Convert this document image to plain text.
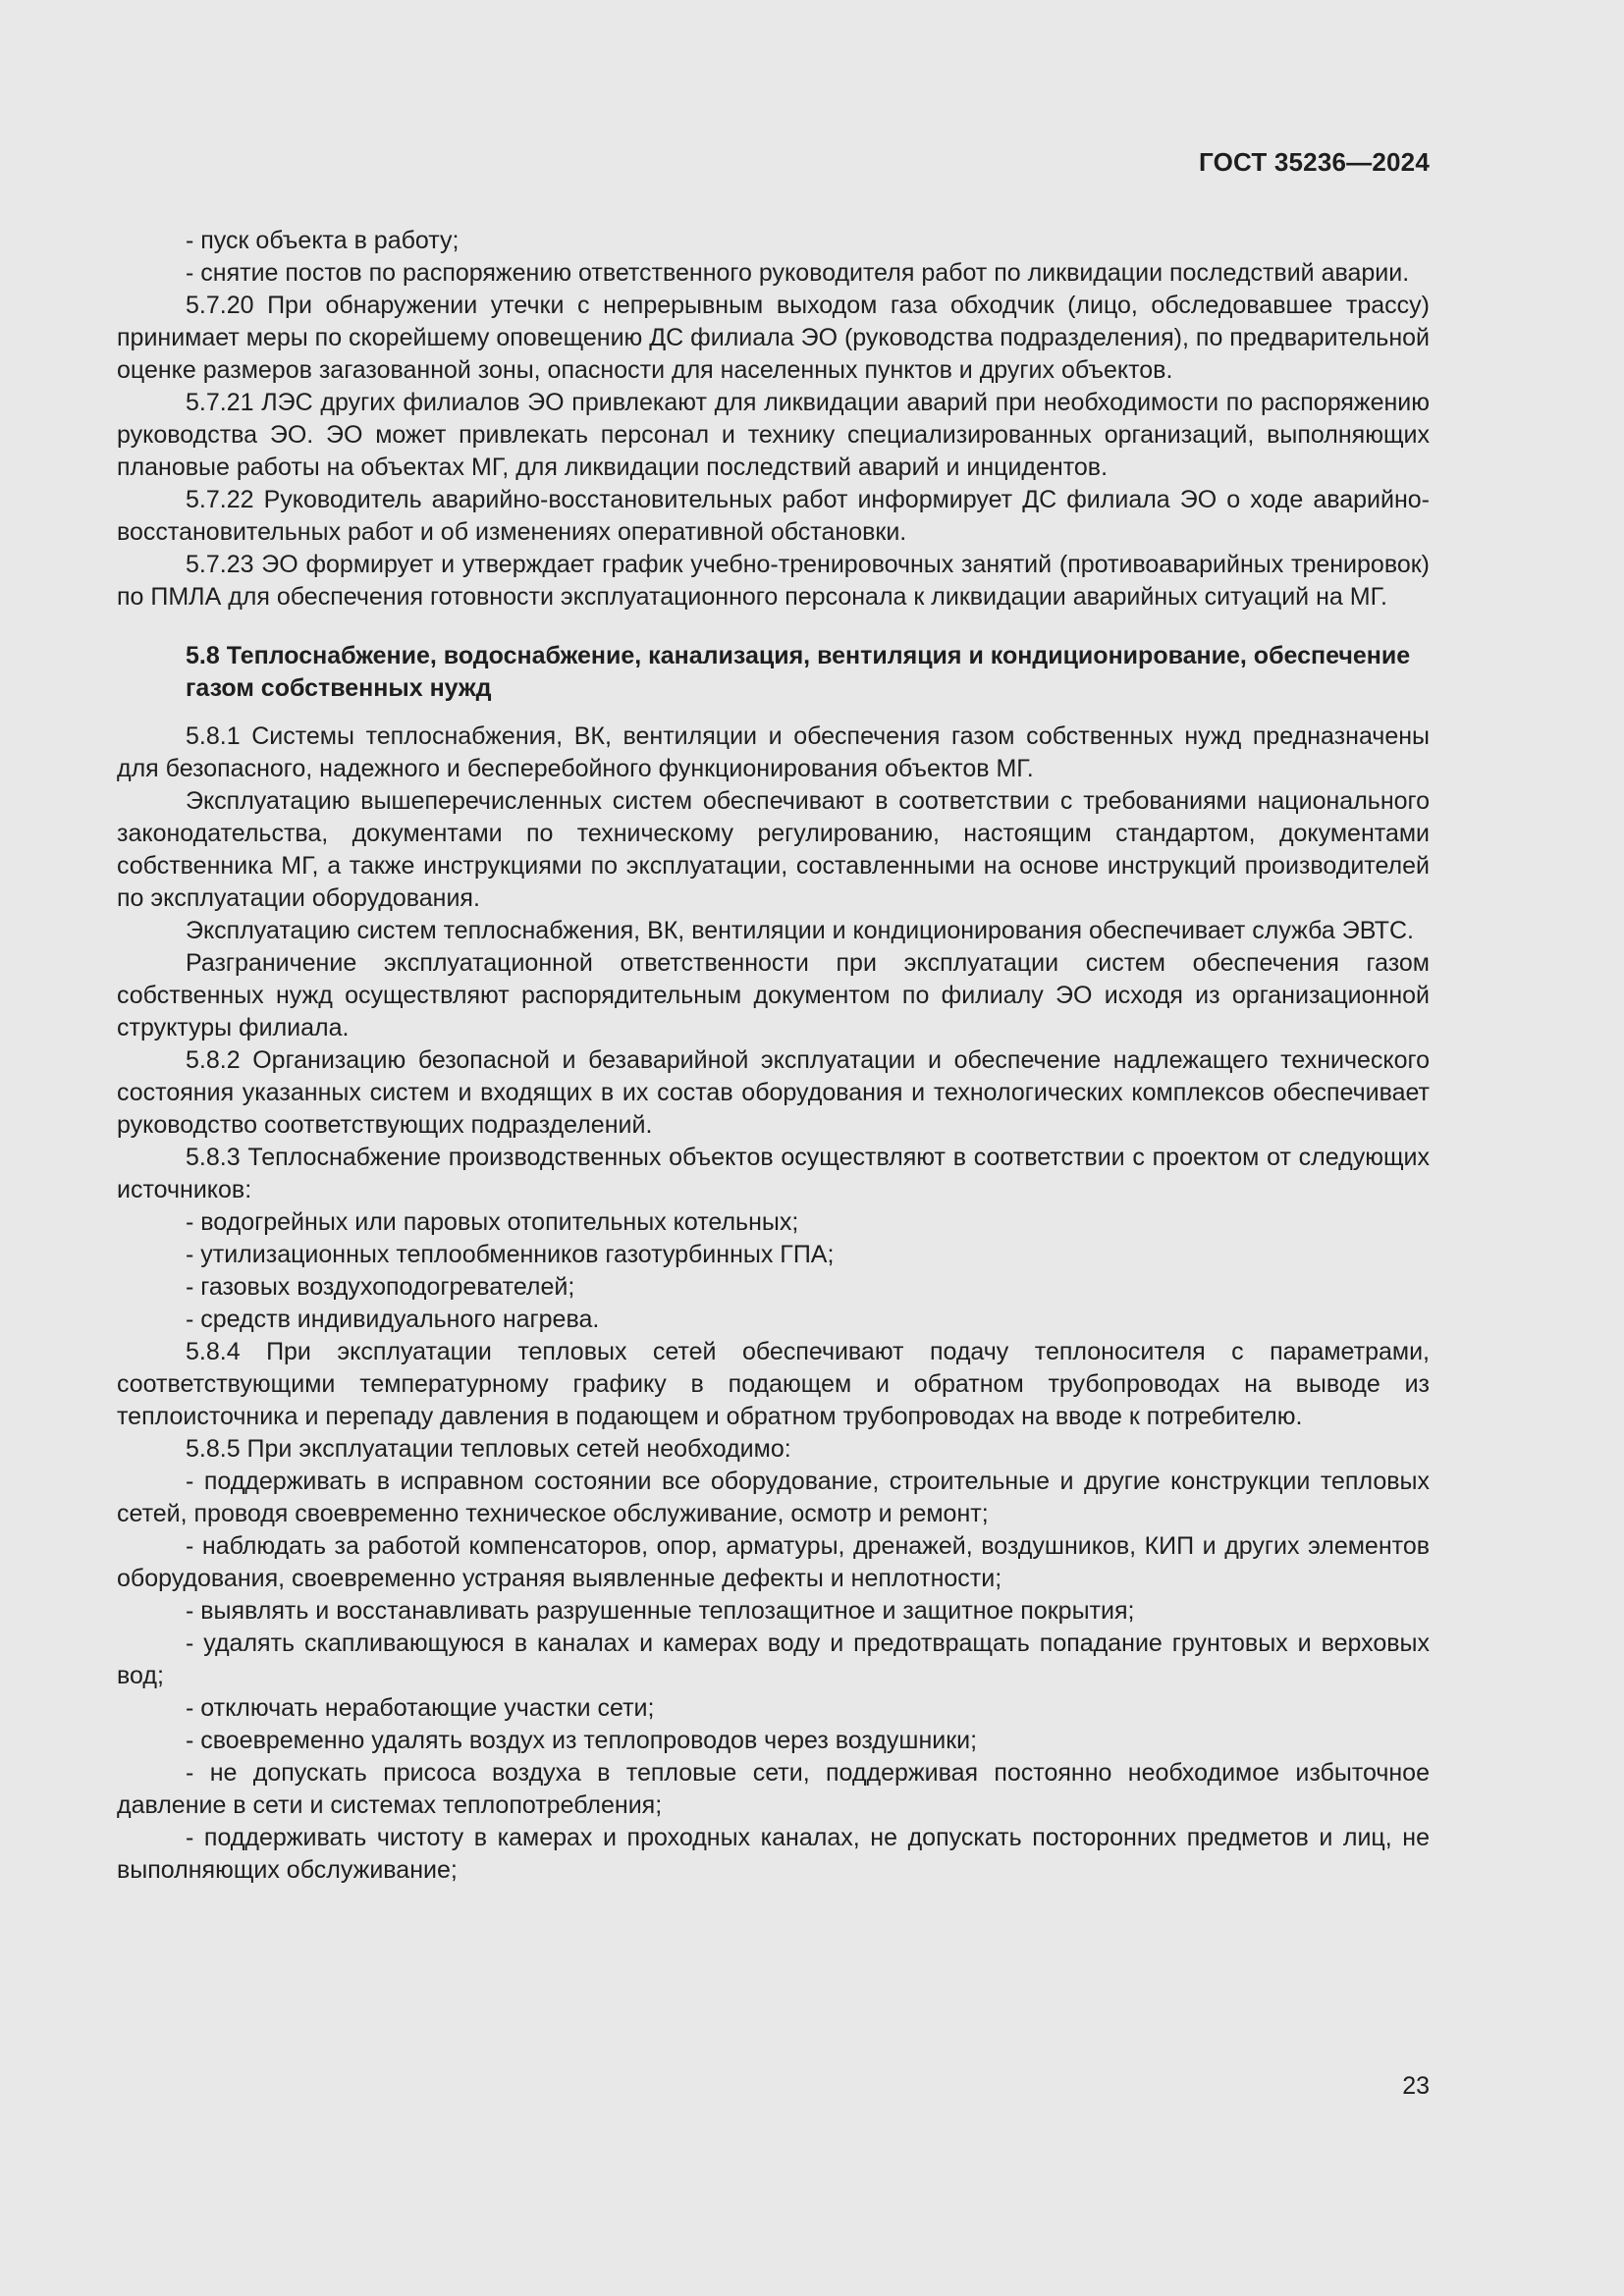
ГОСТ 35236—2024

- пуск объекта в работу;

- снятие постов по распоряжению ответственного руководителя работ по ликвидации последствий аварии.

5.7.20 При обнаружении утечки с непрерывным выходом газа обходчик (лицо, обследовавшее трассу) принимает меры по скорейшему оповещению ДС филиала ЭО (руководства подразделения), по предварительной оценке размеров загазованной зоны, опасности для населенных пунктов и других объектов.

5.7.21 ЛЭС других филиалов ЭО привлекают для ликвидации аварий при необходимости по распоряжению руководства ЭО. ЭО может привлекать персонал и технику специализированных организаций, выполняющих плановые работы на объектах МГ, для ликвидации последствий аварий и инцидентов.

5.7.22 Руководитель аварийно-восстановительных работ информирует ДС филиала ЭО о ходе аварийно-восстановительных работ и об изменениях оперативной обстановки.

5.7.23 ЭО формирует и утверждает график учебно-тренировочных занятий (противоаварийных тренировок) по ПМЛА для обеспечения готовности эксплуатационного персонала к ликвидации аварийных ситуаций на МГ.

5.8 Теплоснабжение, водоснабжение, канализация, вентиляция и кондиционирование, обеспечение газом собственных нужд

5.8.1 Системы теплоснабжения, ВК, вентиляции и обеспечения газом собственных нужд предназначены для безопасного, надежного и бесперебойного функционирования объектов МГ.

Эксплуатацию вышеперечисленных систем обеспечивают в соответствии с требованиями национального законодательства, документами по техническому регулированию, настоящим стандартом, документами собственника МГ, а также инструкциями по эксплуатации, составленными на основе инструкций производителей по эксплуатации оборудования.

Эксплуатацию систем теплоснабжения, ВК, вентиляции и кондиционирования обеспечивает служба ЭВТС.

Разграничение эксплуатационной ответственности при эксплуатации систем обеспечения газом собственных нужд осуществляют распорядительным документом по филиалу ЭО исходя из организационной структуры филиала.

5.8.2 Организацию безопасной и безаварийной эксплуатации и обеспечение надлежащего технического состояния указанных систем и входящих в их состав оборудования и технологических комплексов обеспечивает руководство соответствующих подразделений.

5.8.3 Теплоснабжение производственных объектов осуществляют в соответствии с проектом от следующих источников:

- водогрейных или паровых отопительных котельных;

- утилизационных теплообменников газотурбинных ГПА;

- газовых воздухоподогревателей;

- средств индивидуального нагрева.

5.8.4 При эксплуатации тепловых сетей обеспечивают подачу теплоносителя с параметрами, соответствующими температурному графику в подающем и обратном трубопроводах на выводе из теплоисточника и перепаду давления в подающем и обратном трубопроводах на вводе к потребителю.

5.8.5 При эксплуатации тепловых сетей необходимо:

- поддерживать в исправном состоянии все оборудование, строительные и другие конструкции тепловых сетей, проводя своевременно техническое обслуживание, осмотр и ремонт;

- наблюдать за работой компенсаторов, опор, арматуры, дренажей, воздушников, КИП и других элементов оборудования, своевременно устраняя выявленные дефекты и неплотности;

- выявлять и восстанавливать разрушенные теплозащитное и защитное покрытия;

- удалять скапливающуюся в каналах и камерах воду и предотвращать попадание грунтовых и верховых вод;

- отключать неработающие участки сети;

- своевременно удалять воздух из теплопроводов через воздушники;

- не допускать присоса воздуха в тепловые сети, поддерживая постоянно необходимое избыточное давление в сети и системах теплопотребления;

- поддерживать чистоту в камерах и проходных каналах, не допускать посторонних предметов и лиц, не выполняющих обслуживание;

23
